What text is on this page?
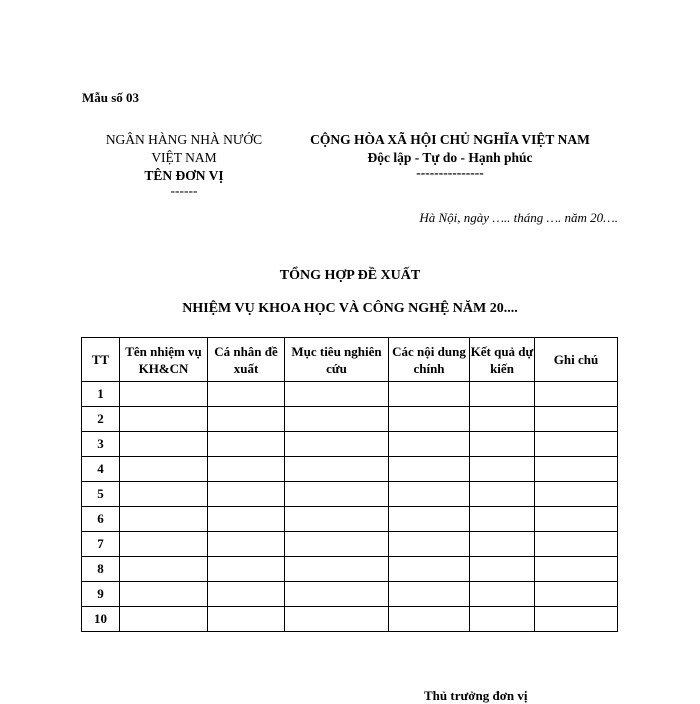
Mẫu số 03
NGÂN HÀNG NHÀ NƯỚC
VIỆT NAM
TÊN ĐƠN VỊ
------
CỘNG HÒA XÃ HỘI CHỦ NGHĨA VIỆT NAM
Độc lập - Tự do - Hạnh phúc
---------------
Hà Nội, ngày ….. tháng …. năm 20….
TỔNG HỢP ĐỀ XUẤT
NHIỆM VỤ KHOA HỌC VÀ CÔNG NGHỆ NĂM 20....
TT	Tên nhiệm vụ KH&CN	Cá nhân đề xuất	Mục tiêu nghiên cứu	Các nội dung chính	Kết quả dự kiến	Ghi chú
1						
2						
3						
4						
5						
6						
7						
8						
9						
10						
Thủ trưởng đơn vị
